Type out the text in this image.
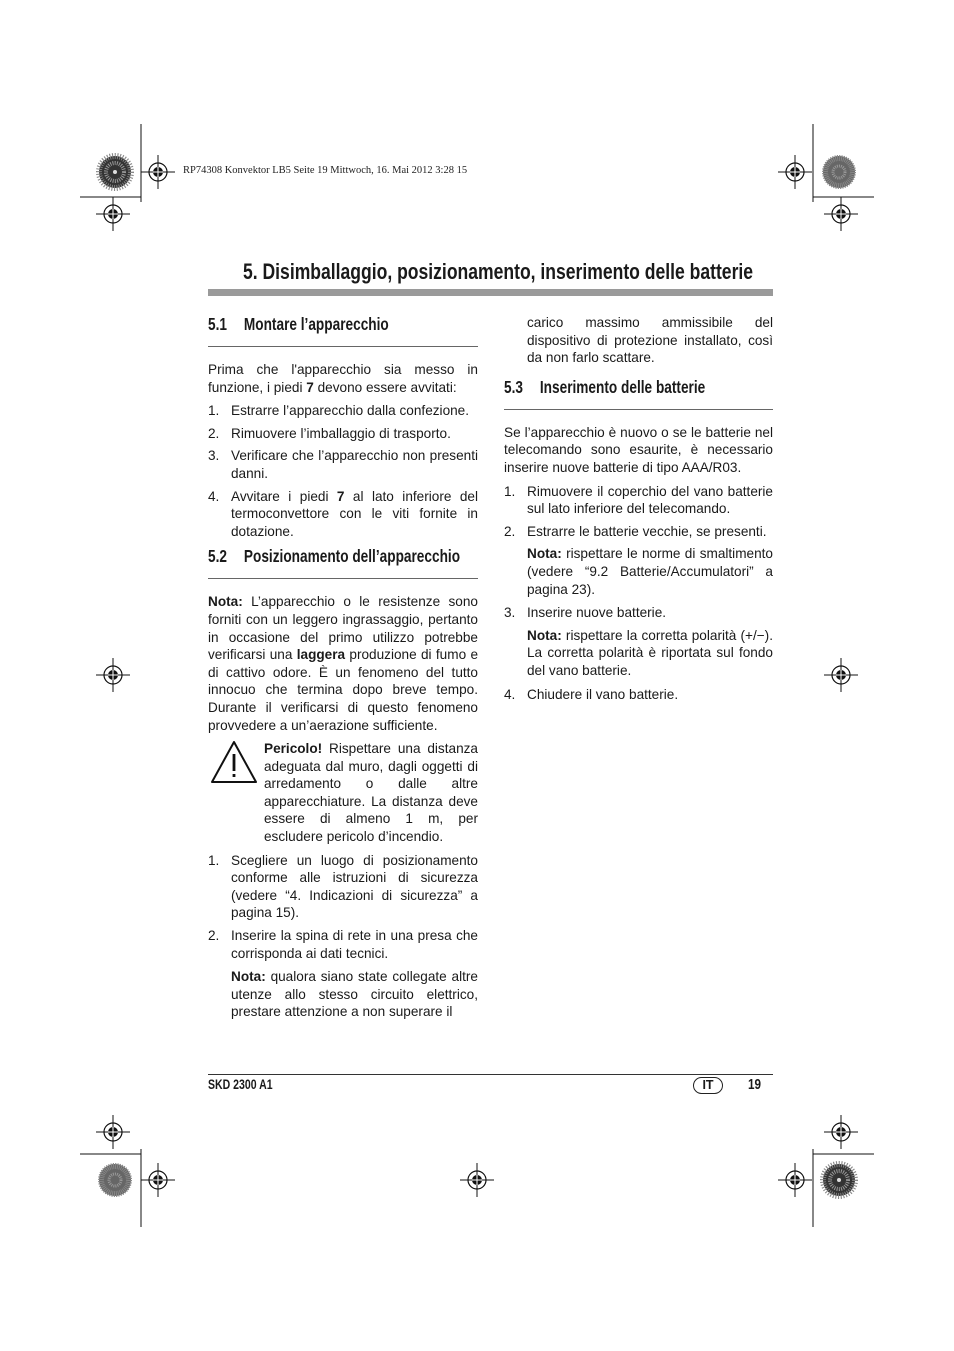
RP74308 Konvektor LB5 Seite 19 Mittwoch, 16. Mai 2012 3:28 15
5. Disimballaggio, posizionamento, inserimento delle batterie
5.1 Montare l’apparecchio

Prima che l'apparecchio sia messo in funzione, i piedi 7 devono essere avvitati:

1. Estrarre l’apparecchio dalla confezione.
2. Rimuovere l’imballaggio di trasporto.
3. Verificare che l’apparecchio non presenti danni.
4. Avvitare i piedi 7 al lato inferiore del termoconvettore con le viti fornite in dotazione.
5.2 Posizionamento dell’apparecchio

Nota: L’apparecchio o le resistenze sono forniti con un leggero ingrassaggio, pertanto in occasione del primo utilizzo potrebbe verificarsi una laggera produzione di fumo e di cattivo odore. È un fenomeno del tutto innocuo che termina dopo breve tempo. Durante il verificarsi di questo fenomeno provvedere a un’aerazione sufficiente.

Pericolo! Rispettare una distanza adeguata dal muro, dagli oggetti di arredamento o dalle altre apparecchiature. La distanza deve essere di almeno 1 m, per escludere pericolo d’incendio.
1. Scegliere un luogo di posizionamento conforme alle istruzioni di sicurezza (vedere “4. Indicazioni di sicurezza” a pagina 15).
2. Inserire la spina di rete in una presa che corrisponda ai dati tecnici.
Nota: qualora siano state collegate altre utenze allo stesso circuito elettrico, prestare attenzione a non superare il
carico massimo ammissibile del dispositivo di protezione installato, così da non farlo scattare.
5.3 Inserimento delle batterie

Se l’apparecchio è nuovo o se le batterie nel telecomando sono esaurite, è necessario inserire nuove batterie di tipo AAA/R03.

1. Rimuovere il coperchio del vano batterie sul lato inferiore del telecomando.
2. Estrarre le batterie vecchie, se presenti.
Nota: rispettare le norme di smaltimento (vedere “9.2 Batterie/Accumulatori” a pagina 23).
3. Inserire nuove batterie.
Nota: rispettare la corretta polarità (+/−). La corretta polarità è riportata sul fondo del vano batterie.
4. Chiudere il vano batterie.
SKD 2300 A1	IT	19
